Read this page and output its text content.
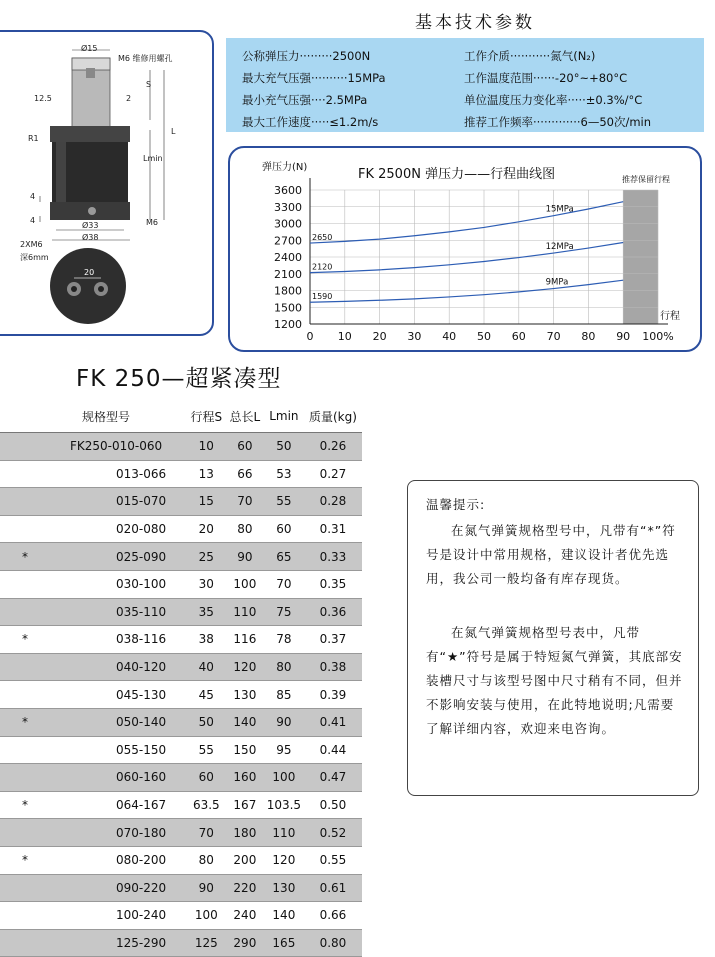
Ø15
M6 维修用螺孔
12.5
S
2
R1
L
Lmin
4
4	M6
Ø33
Ø38
2XM6
深6mm
20
基本技术参数
公称弹压力·········2500N	工作介质···········氮气(N₂)
最大充气压强··········15MPa	工作温度范围······-20°~+80°C
最小充气压强····2.5MPa	单位温度压力变化率·····±0.3%/°C
最大工作速度·····≤1.2m/s	推荐工作频率·············6—50次/min
1200
1500
1800
2100
2400
2700
3000
3300
3600
0 10 20 30 40 50 60 70 80 90 100%
15MPa
2650
12MPa
2120
9MPa
1590
FK 2500N 弹压力——行程曲线图
弹压力(N)
行程
推荐保留行程
FK 250—超紧凑型
	规格型号	行程S	总长L	Lmin	质量(kg)
	FK250-010-060	10	60	50	0.26
	013-066	13	66	53	0.27
	015-070	15	70	55	0.28
	020-080	20	80	60	0.31
*	025-090	25	90	65	0.33
	030-100	30	100	70	0.35
	035-110	35	110	75	0.36
*	038-116	38	116	78	0.37
	040-120	40	120	80	0.38
	045-130	45	130	85	0.39
*	050-140	50	140	90	0.41
	055-150	55	150	95	0.44
	060-160	60	160	100	0.47
*	064-167	63.5	167	103.5	0.50
	070-180	70	180	110	0.52
*	080-200	80	200	120	0.55
	090-220	90	220	130	0.61
	100-240	100	240	140	0.66
	125-290	125	290	165	0.80
温馨提示:
在氮气弹簧规格型号中，凡带有“*”符号是设计中常用规格，建议设计者优先选用，我公司一般均备有库存现货。
在氮气弹簧规格型号表中，凡带有“★”符号是属于特短氮气弹簧，其底部安装槽尺寸与该型号图中尺寸稍有不同，但并不影响安装与使用，在此特地说明;凡需要了解详细内容，欢迎来电咨询。
